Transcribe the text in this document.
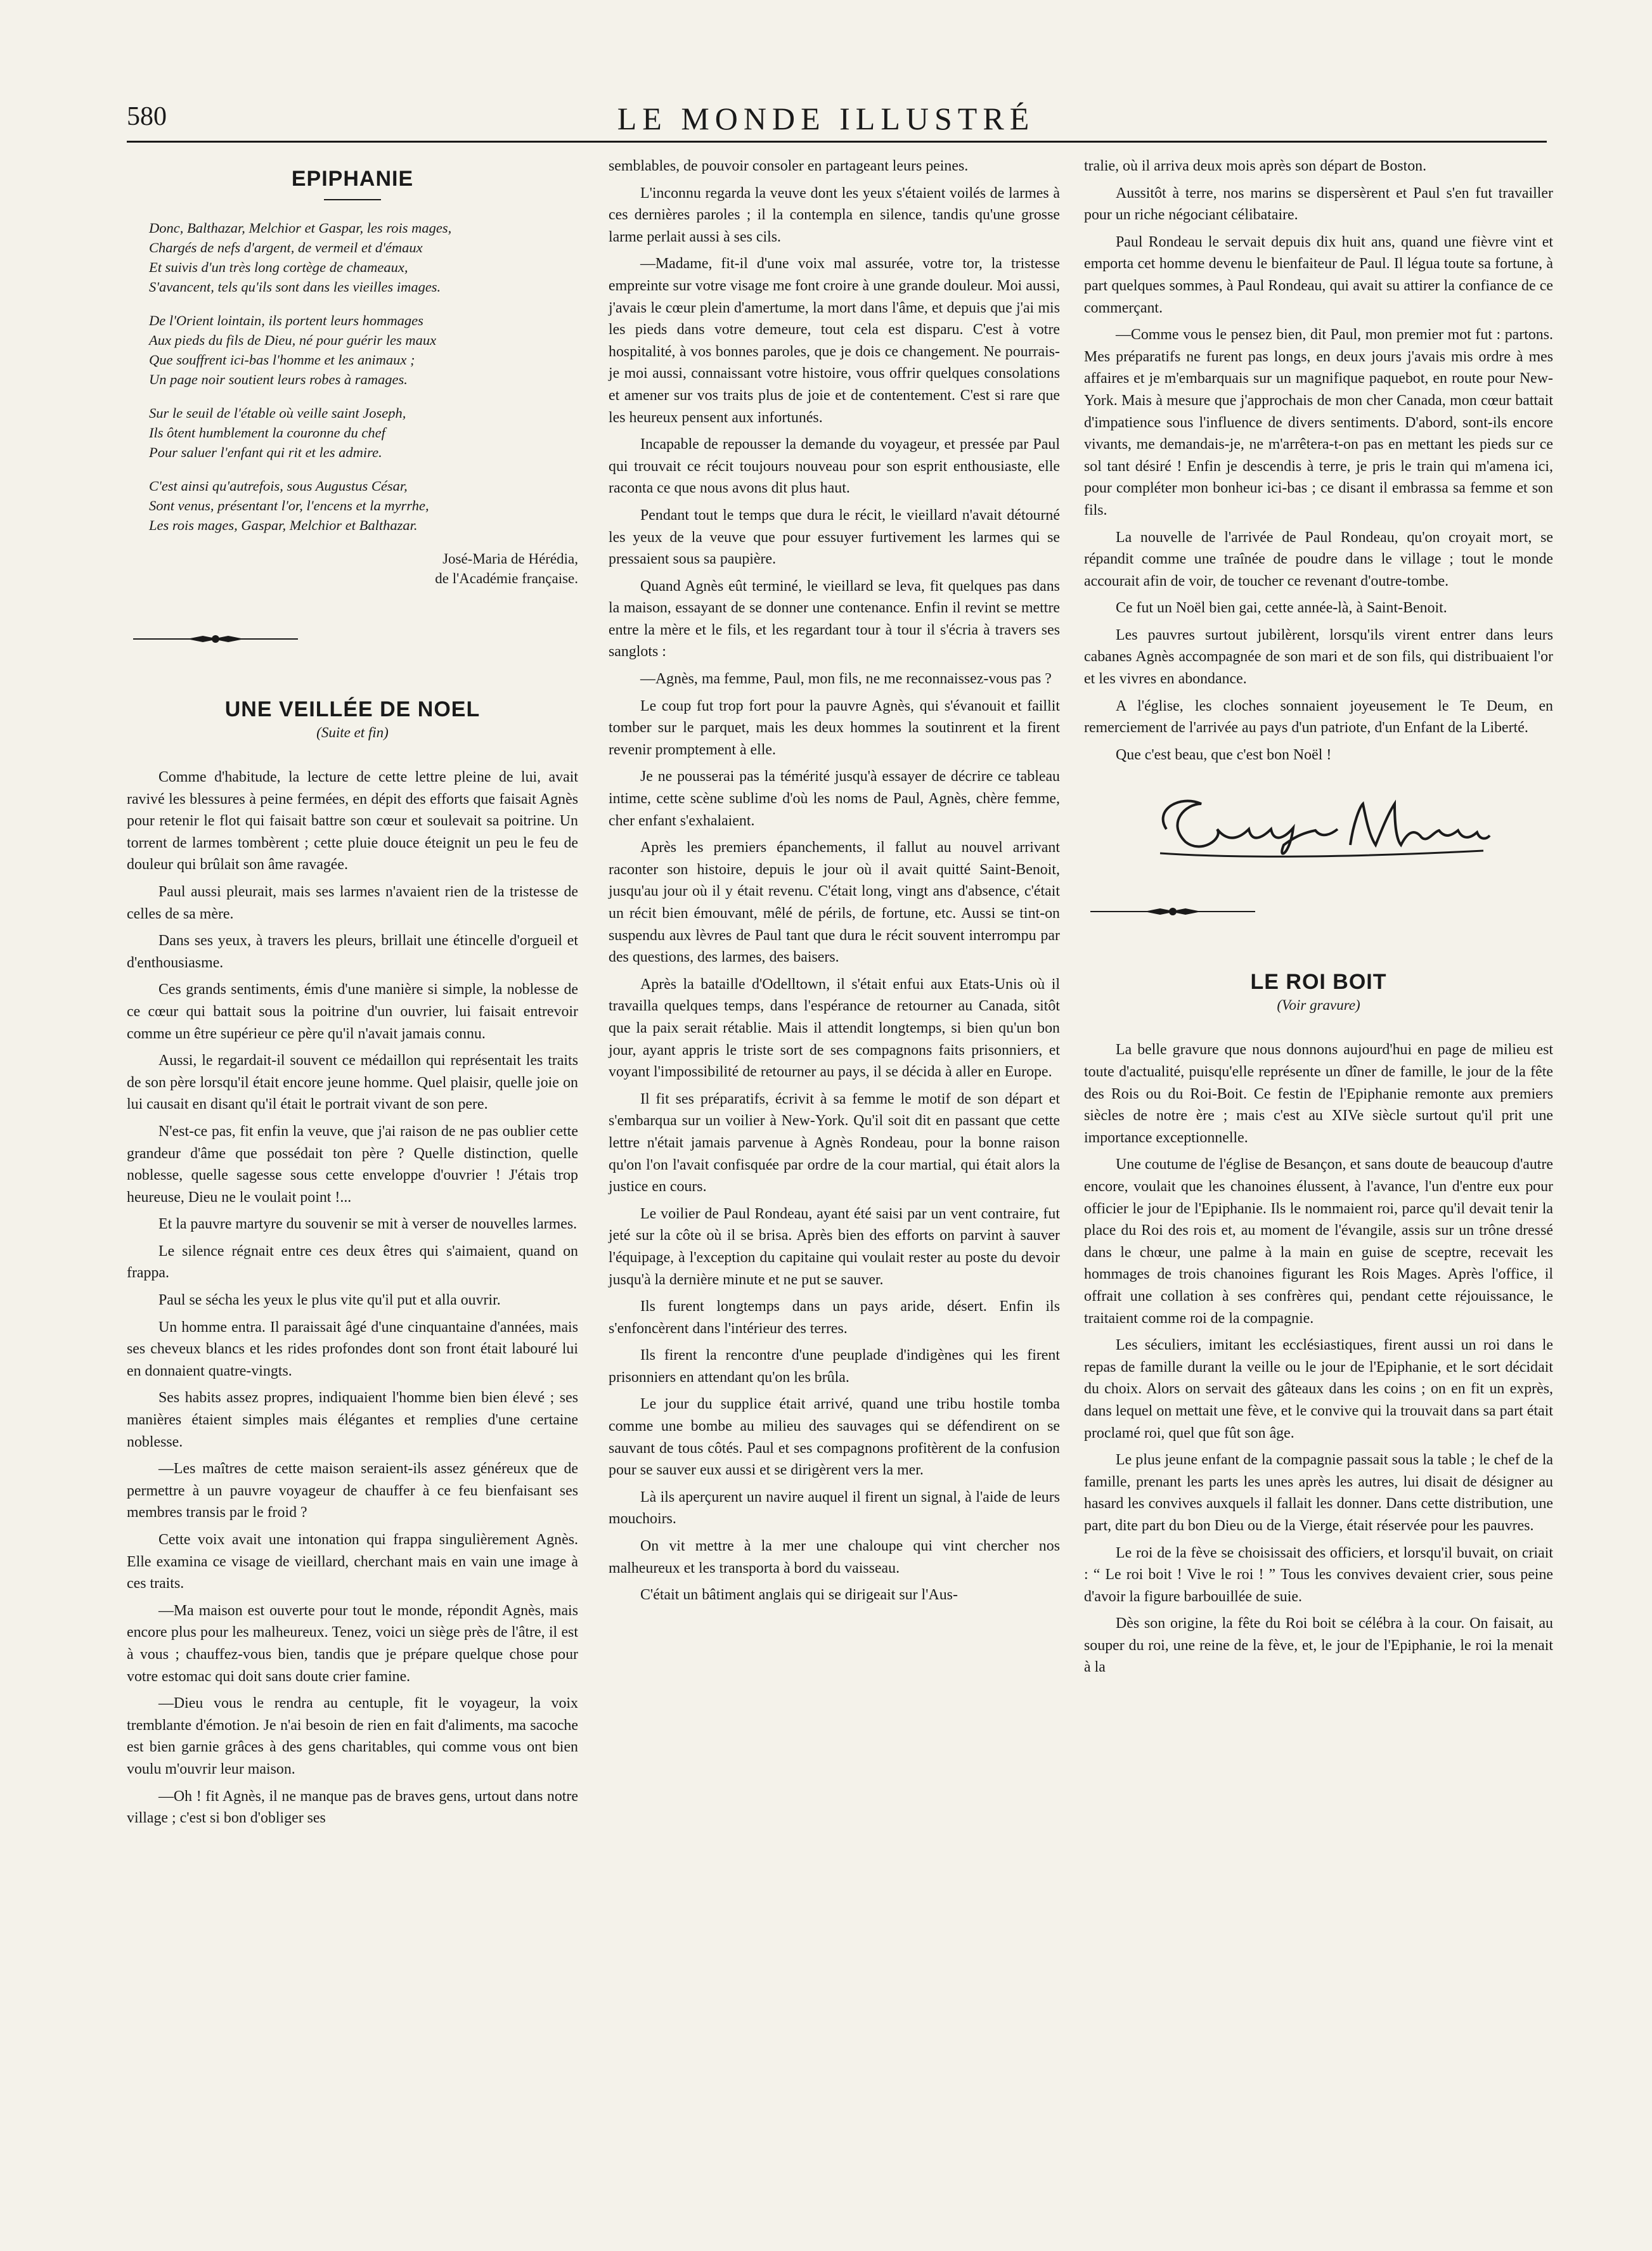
580	LE MONDE ILLUSTRÉ
EPIPHANIE
Donc, Balthazar, Melchior et Gaspar, les rois mages,
Chargés de nefs d'argent, de vermeil et d'émaux
Et suivis d'un très long cortège de chameaux,
S'avancent, tels qu'ils sont dans les vieilles images.
De l'Orient lointain, ils portent leurs hommages
Aux pieds du fils de Dieu, né pour guérir les maux
Que souffrent ici-bas l'homme et les animaux ;
Un page noir soutient leurs robes à ramages.
Sur le seuil de l'étable où veille saint Joseph,
Ils ôtent humblement la couronne du chef
Pour saluer l'enfant qui rit et les admire.
C'est ainsi qu'autrefois, sous Augustus César,
Sont venus, présentant l'or, l'encens et la myrrhe,
Les rois mages, Gaspar, Melchior et Balthazar.
José-Maria de Hérédia,
de l'Académie française.
UNE VEILLÉE DE NOEL
(Suite et fin)

Comme d'habitude, la lecture de cette lettre pleine de lui, avait ravivé les blessures à peine fermées, en dépit des efforts que faisait Agnès pour retenir le flot qui faisait battre son cœur et soulevait sa poitrine. Un torrent de larmes tombèrent ; cette pluie douce éteignit un peu le feu de douleur qui brûlait son âme ravagée.

Paul aussi pleurait, mais ses larmes n'avaient rien de la tristesse de celles de sa mère.

Dans ses yeux, à travers les pleurs, brillait une étincelle d'orgueil et d'enthousiasme.

Ces grands sentiments, émis d'une manière si simple, la noblesse de ce cœur qui battait sous la poitrine d'un ouvrier, lui faisait entrevoir comme un être supérieur ce père qu'il n'avait jamais connu.

Aussi, le regardait-il souvent ce médaillon qui représentait les traits de son père lorsqu'il était encore jeune homme. Quel plaisir, quelle joie on lui causait en disant qu'il était le portrait vivant de son pere.

N'est-ce pas, fit enfin la veuve, que j'ai raison de ne pas oublier cette grandeur d'âme que possédait ton père ? Quelle distinction, quelle noblesse, quelle sagesse sous cette enveloppe d'ouvrier ! J'étais trop heureuse, Dieu ne le voulait point !...

Et la pauvre martyre du souvenir se mit à verser de nouvelles larmes.

Le silence régnait entre ces deux êtres qui s'aimaient, quand on frappa.

Paul se sécha les yeux le plus vite qu'il put et alla ouvrir.

Un homme entra. Il paraissait âgé d'une cinquantaine d'années, mais ses cheveux blancs et les rides profondes dont son front était labouré lui en donnaient quatre-vingts.

Ses habits assez propres, indiquaient l'homme bien bien élevé ; ses manières étaient simples mais élégantes et remplies d'une certaine noblesse.

—Les maîtres de cette maison seraient-ils assez généreux que de permettre à un pauvre voyageur de chauffer à ce feu bienfaisant ses membres transis par le froid ?

Cette voix avait une intonation qui frappa singulièrement Agnès. Elle examina ce visage de vieillard, cherchant mais en vain une image à ces traits.

—Ma maison est ouverte pour tout le monde, répondit Agnès, mais encore plus pour les malheureux. Tenez, voici un siège près de l'âtre, il est à vous ; chauffez-vous bien, tandis que je prépare quelque chose pour votre estomac qui doit sans doute crier famine.

—Dieu vous le rendra au centuple, fit le voyageur, la voix tremblante d'émotion. Je n'ai besoin de rien en fait d'aliments, ma sacoche est bien garnie grâces à des gens charitables, qui comme vous ont bien voulu m'ouvrir leur maison.

—Oh ! fit Agnès, il ne manque pas de braves gens, urtout dans notre village ; c'est si bon d'obliger ses

semblables, de pouvoir consoler en partageant leurs peines.

L'inconnu regarda la veuve dont les yeux s'étaient voilés de larmes à ces dernières paroles ; il la contempla en silence, tandis qu'une grosse larme perlait aussi à ses cils.

—Madame, fit-il d'une voix mal assurée, votre tor, la tristesse empreinte sur votre visage me font croire à une grande douleur. Moi aussi, j'avais le cœur plein d'amertume, la mort dans l'âme, et depuis que j'ai mis les pieds dans votre demeure, tout cela est disparu. C'est à votre hospitalité, à vos bonnes paroles, que je dois ce changement. Ne pourrais-je moi aussi, connaissant votre histoire, vous offrir quelques consolations et amener sur vos traits plus de joie et de contentement. C'est si rare que les heureux pensent aux infortunés.

Incapable de repousser la demande du voyageur, et pressée par Paul qui trouvait ce récit toujours nouveau pour son esprit enthousiaste, elle raconta ce que nous avons dit plus haut.

Pendant tout le temps que dura le récit, le vieillard n'avait détourné les yeux de la veuve que pour essuyer furtivement les larmes qui se pressaient sous sa paupière.

Quand Agnès eût terminé, le vieillard se leva, fit quelques pas dans la maison, essayant de se donner une contenance. Enfin il revint se mettre entre la mère et le fils, et les regardant tour à tour il s'écria à travers ses sanglots :

—Agnès, ma femme, Paul, mon fils, ne me reconnaissez-vous pas ?

Le coup fut trop fort pour la pauvre Agnès, qui s'évanouit et faillit tomber sur le parquet, mais les deux hommes la soutinrent et la firent revenir promptement à elle.

Je ne pousserai pas la témérité jusqu'à essayer de décrire ce tableau intime, cette scène sublime d'où les noms de Paul, Agnès, chère femme, cher enfant s'exhalaient.

Après les premiers épanchements, il fallut au nouvel arrivant raconter son histoire, depuis le jour où il avait quitté Saint-Benoit, jusqu'au jour où il y était revenu. C'était long, vingt ans d'absence, c'était un récit bien émouvant, mêlé de périls, de fortune, etc. Aussi se tint-on suspendu aux lèvres de Paul tant que dura le récit souvent interrompu par des questions, des larmes, des baisers.

Après la bataille d'Odelltown, il s'était enfui aux Etats-Unis où il travailla quelques temps, dans l'espérance de retourner au Canada, sitôt que la paix serait rétablie. Mais il attendit longtemps, si bien qu'un bon jour, ayant appris le triste sort de ses compagnons faits prisonniers, et voyant l'impossibilité de retourner au pays, il se décida à aller en Europe.

Il fit ses préparatifs, écrivit à sa femme le motif de son départ et s'embarqua sur un voilier à New-York. Qu'il soit dit en passant que cette lettre n'était jamais parvenue à Agnès Rondeau, pour la bonne raison qu'on l'on l'avait confisquée par ordre de la cour martial, qui était alors la justice en cours.

Le voilier de Paul Rondeau, ayant été saisi par un vent contraire, fut jeté sur la côte où il se brisa. Après bien des efforts on parvint à sauver l'équipage, à l'exception du capitaine qui voulait rester au poste du devoir jusqu'à la dernière minute et ne put se sauver.

Ils furent longtemps dans un pays aride, désert. Enfin ils s'enfoncèrent dans l'intérieur des terres.

Ils firent la rencontre d'une peuplade d'indigènes qui les firent prisonniers en attendant qu'on les brûla.

Le jour du supplice était arrivé, quand une tribu hostile tomba comme une bombe au milieu des sauvages qui se défendirent on se sauvant de tous côtés. Paul et ses compagnons profitèrent de la confusion pour se sauver eux aussi et se dirigèrent vers la mer.

Là ils aperçurent un navire auquel il firent un signal, à l'aide de leurs mouchoirs.

On vit mettre à la mer une chaloupe qui vint chercher nos malheureux et les transporta à bord du vaisseau.

C'était un bâtiment anglais qui se dirigeait sur l'Aus-

tralie, où il arriva deux mois après son départ de Boston.

Aussitôt à terre, nos marins se dispersèrent et Paul s'en fut travailler pour un riche négociant célibataire.

Paul Rondeau le servait depuis dix huit ans, quand une fièvre vint et emporta cet homme devenu le bienfaiteur de Paul. Il légua toute sa fortune, à part quelques sommes, à Paul Rondeau, qui avait su attirer la confiance de ce commerçant.

—Comme vous le pensez bien, dit Paul, mon premier mot fut : partons. Mes préparatifs ne furent pas longs, en deux jours j'avais mis ordre à mes affaires et je m'embarquais sur un magnifique paquebot, en route pour New-York. Mais à mesure que j'approchais de mon cher Canada, mon cœur battait d'impatience sous l'influence de divers sentiments. D'abord, sont-ils encore vivants, me demandais-je, ne m'arrêtera-t-on pas en mettant les pieds sur ce sol tant désiré ! Enfin je descendis à terre, je pris le train qui m'amena ici, pour compléter mon bonheur ici-bas ; ce disant il embrassa sa femme et son fils.

La nouvelle de l'arrivée de Paul Rondeau, qu'on croyait mort, se répandit comme une traînée de poudre dans le village ; tout le monde accourait afin de voir, de toucher ce revenant d'outre-tombe.

Ce fut un Noël bien gai, cette année-là, à Saint-Benoit.

Les pauvres surtout jubilèrent, lorsqu'ils virent entrer dans leurs cabanes Agnès accompagnée de son mari et de son fils, qui distribuaient l'or et les vivres en abondance.

A l'église, les cloches sonnaient joyeusement le Te Deum, en remerciement de l'arrivée au pays d'un patriote, d'un Enfant de la Liberté.

Que c'est beau, que c'est bon Noël !

LE ROI BOIT
(Voir gravure)

La belle gravure que nous donnons aujourd'hui en page de milieu est toute d'actualité, puisqu'elle représente un dîner de famille, le jour de la fête des Rois ou du Roi-Boit. Ce festin de l'Epiphanie remonte aux premiers siècles de notre ère ; mais c'est au XIVe siècle surtout qu'il prit une importance exceptionnelle.

Une coutume de l'église de Besançon, et sans doute de beaucoup d'autre encore, voulait que les chanoines élussent, à l'avance, l'un d'entre eux pour officier le jour de l'Epiphanie. Ils le nommaient roi, parce qu'il devait tenir la place du Roi des rois et, au moment de l'évangile, assis sur un trône dressé dans le chœur, une palme à la main en guise de sceptre, recevait les hommages de trois chanoines figurant les Rois Mages. Après l'office, il offrait une collation à ses confrères qui, pendant cette réjouissance, le traitaient comme roi de la compagnie.

Les séculiers, imitant les ecclésiastiques, firent aussi un roi dans le repas de famille durant la veille ou le jour de l'Epiphanie, et le sort décidait du choix. Alors on servait des gâteaux dans les coins ; on en fit un exprès, dans lequel on mettait une fève, et le convive qui la trouvait dans sa part était proclamé roi, quel que fût son âge.

Le plus jeune enfant de la compagnie passait sous la table ; le chef de la famille, prenant les parts les unes après les autres, lui disait de désigner au hasard les convives auxquels il fallait les donner. Dans cette distribution, une part, dite part du bon Dieu ou de la Vierge, était réservée pour les pauvres.

Le roi de la fève se choisissait des officiers, et lorsqu'il buvait, on criait : “ Le roi boit ! Vive le roi ! ” Tous les convives devaient crier, sous peine d'avoir la figure barbouillée de suie.

Dès son origine, la fête du Roi boit se célébra à la cour. On faisait, au souper du roi, une reine de la fève, et, le jour de l'Epiphanie, le roi la menait à la
